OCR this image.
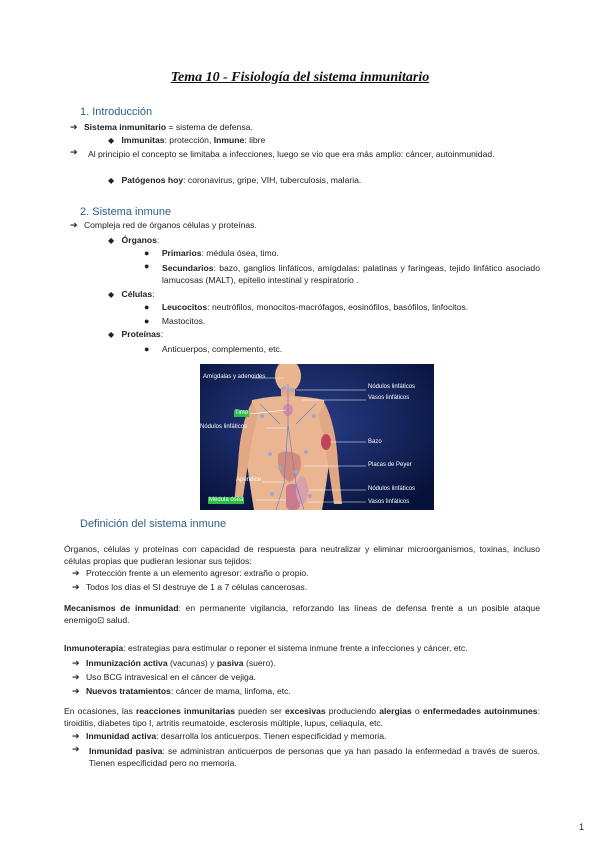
Tema 10 - Fisiología del sistema inmunitario
1. Introducción
➔ Sistema inmunitario = sistema de defensa.
◆ Immunitas: protección, Inmune: libre
➔	Al principio el concepto se limitaba a infecciones, luego se vio que era más amplio: cáncer, autoinmunidad.
◆ Patógenos hoy: coronavirus, gripe, VIH, tuberculosis, malaria.
2. Sistema inmune
➔ Compleja red de órganos células y proteínas.
◆ Órganos:
● Primarios: médula ósea, timo.
● Secundarios: bazo, ganglios linfáticos, amígdalas: palatinas y faríngeas, tejido linfático asociado lamucosas (MALT), epitelio intestinal y respiratorio .
◆ Células:
● Leucocitos: neutrófilos, monocitos-macrófagos, eosinófilos, basófilos, linfocitos.
● Mastocitos.
◆ Proteínas:
● Anticuerpos, complemento, etc.
Amígdalas y adenoides
Nódulos linfáticos
Vasos linfáticos
Timo
Nódulos linfáticos
Bazo
Placas de Peyer
Apéndice
Nódulos linfáticos
Médula ósea	Vasos linfáticos
Definición del sistema inmune
Órganos, células y proteínas con capacidad de respuesta para neutralizar y eliminar microorganismos, toxinas, incluso células propias que pudieran lesionar sus tejidos:
➔ Protección frente a un elemento agresor: extraño o propio.
➔ Todos los días el SI destruye de 1 a 7 células cancerosas.
Mecanismos de inmunidad: en permanente vigilancia, reforzando las líneas de defensa frente a un posible ataque enemigo⊡ salud.
Inmunoterapia: estrategias para estimular o reponer el sistema inmune frente a infecciones y cáncer, etc.
➔ Inmunización activa (vacunas) y pasiva (suero).
➔ Uso BCG intravesical en el cáncer de vejiga.
➔ Nuevos tratamientos: cáncer de mama, linfoma, etc.
En ocasiones, las reacciones inmunitarias pueden ser excesivas produciendo alergias o enfermedades autoinmunes: tiroiditis, diabetes tipo I, artritis reumatoide, esclerosis múltiple, lupus, celiaquía, etc.
➔ Inmunidad activa: desarrolla los anticuerpos. Tienen especificidad y memoria.
➔ Inmunidad pasiva: se administran anticuerpos de personas que ya han pasado la enfermedad a través de sueros. Tienen especificidad pero no memoria.
1
